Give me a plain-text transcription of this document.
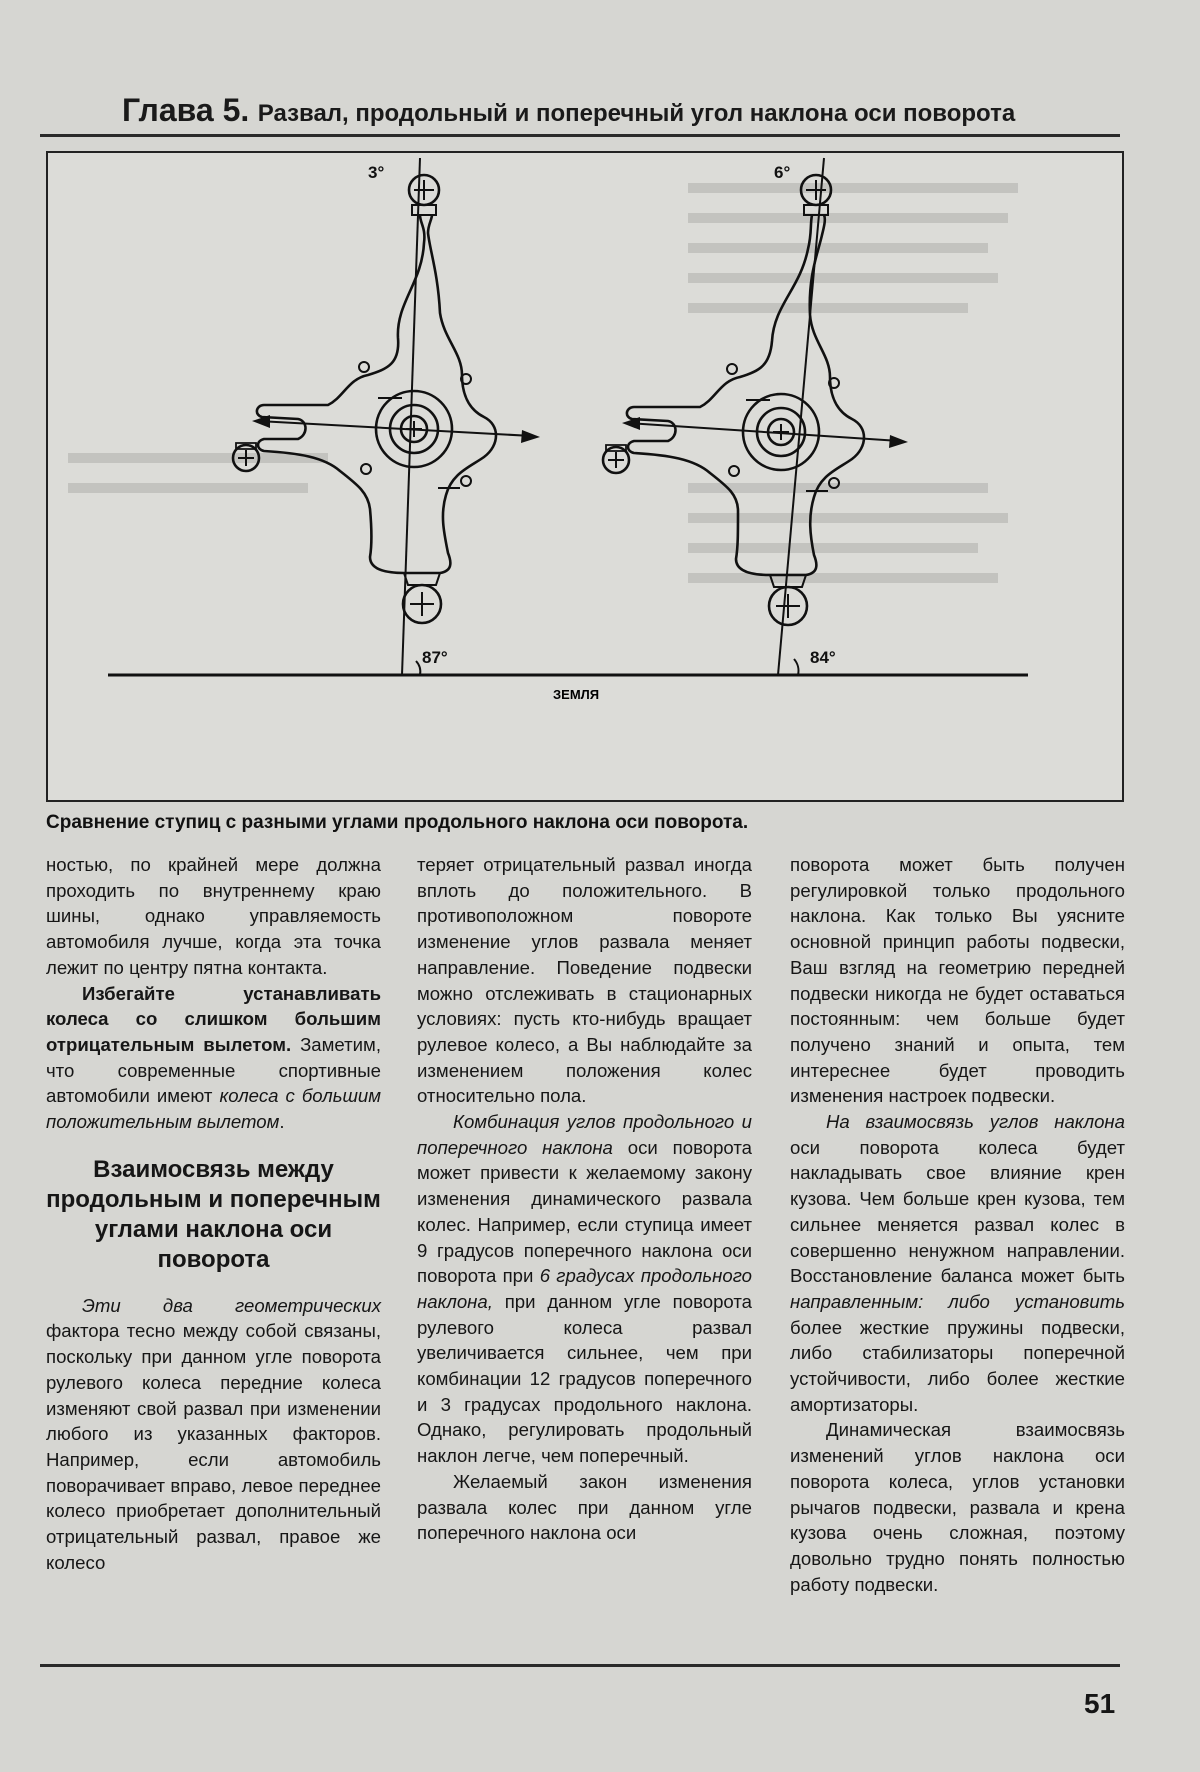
Глава 5. Развал, продольный и поперечный угол наклона оси поворота
ЗЕМЛЯ
3°	6°
87°	84°
Сравнение ступиц с разными углами продольного наклона оси поворота.

ностью, по крайней мере должна проходить по внутреннему краю шины, однако управляемость автомобиля лучше, когда эта точка лежит по центру пятна контакта.

Избегайте устанавливать колеса со слишком большим отрицательным вылетом. Заметим, что современные спортивные автомобили имеют колеса с большим положительным вылетом.

Взаимосвязь между продольным и поперечным углами наклона оси поворота

Эти два геометрических фактора тесно между собой связаны, поскольку при данном угле поворота рулевого колеса передние колеса изменяют свой развал при изменении любого из указанных факторов. Например, если автомобиль поворачивает вправо, левое переднее колесо приобретает дополнительный отрицательный развал, правое же колесо

теряет отрицательный развал иногда вплоть до положительного. В противоположном повороте изменение углов развала меняет направление. Поведение подвески можно отслеживать в стационарных условиях: пусть кто-нибудь вращает рулевое колесо, а Вы наблюдайте за изменением положения колес относительно пола.

Комбинация углов продольного и поперечного наклона оси поворота может привести к желаемому закону изменения динамического развала колес. Например, если ступица имеет 9 градусов поперечного наклона оси поворота при 6 градусах продольного наклона, при данном угле поворота рулевого колеса развал увеличивается сильнее, чем при комбинации 12 градусов поперечного и 3 градусах продольного наклона. Однако, регулировать продольный наклон легче, чем поперечный.

Желаемый закон изменения развала колес при данном угле поперечного наклона оси

поворота может быть получен регулировкой только продольного наклона. Как только Вы уясните основной принцип работы подвески, Ваш взгляд на геометрию передней подвески никогда не будет оставаться постоянным: чем больше будет получено знаний и опыта, тем интереснее будет проводить изменения настроек подвески.

На взаимосвязь углов наклона оси поворота колеса будет накладывать свое влияние крен кузова. Чем больше крен кузова, тем сильнее меняется развал колес в совершенно ненужном направлении. Восстановление баланса может быть направленным: либо установить более жесткие пружины подвески, либо стабилизаторы поперечной устойчивости, либо более жесткие амортизаторы.

Динамическая взаимосвязь изменений углов наклона оси поворота колеса, углов установки рычагов подвески, развала и крена кузова очень сложная, поэтому довольно трудно понять полностью работу подвески.

51
